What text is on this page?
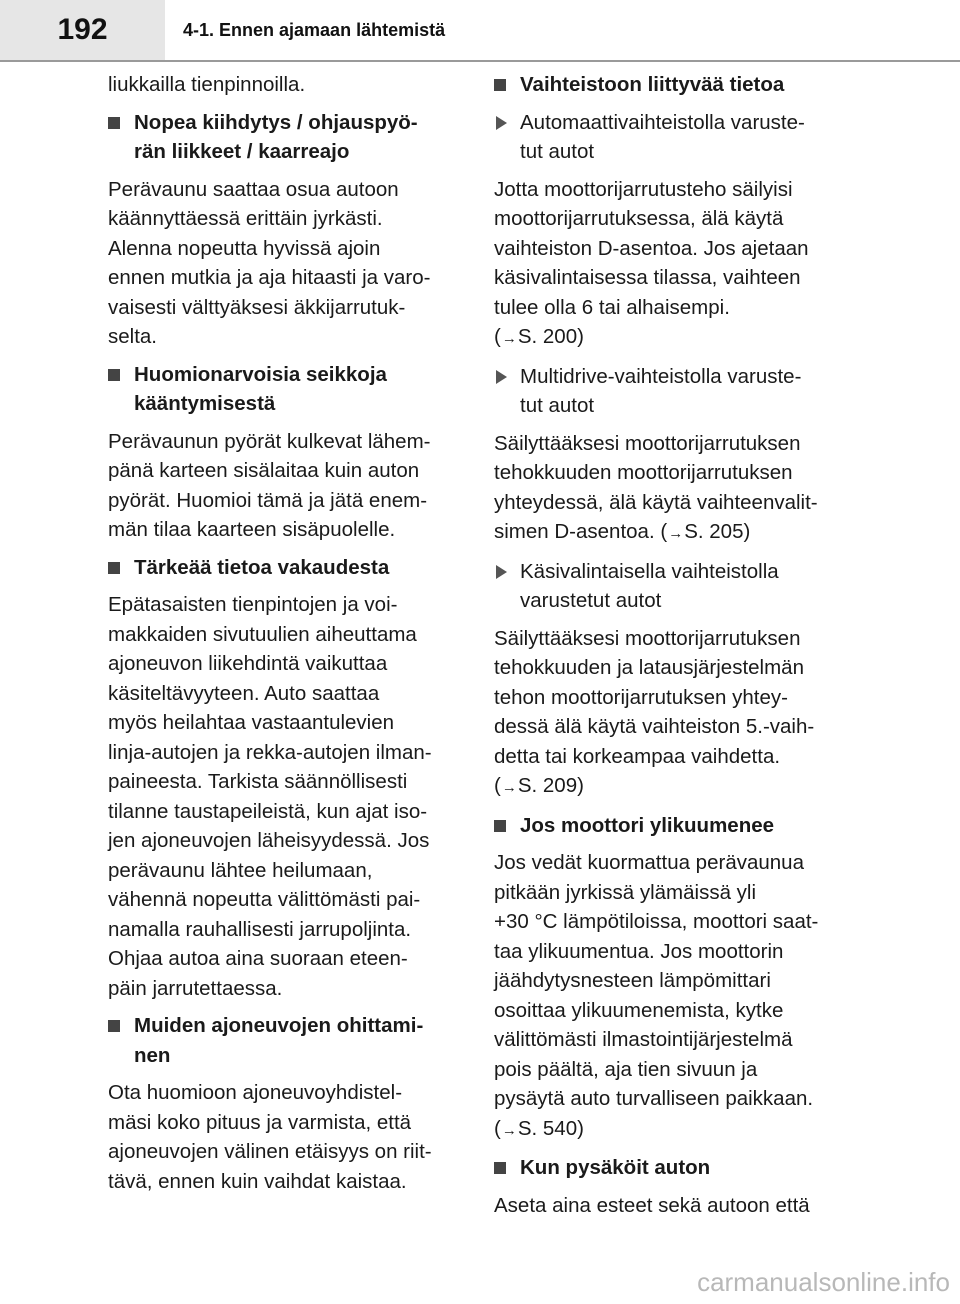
192	4-1. Ennen ajamaan lähtemistä
liukkailla tienpinnoilla.
Nopea kiihdytys / ohjauspyö-
rän liikkeet / kaarreajo
Perävaunu saattaa osua autoon
käännyttäessä erittäin jyrkästi.
Alenna nopeutta hyvissä ajoin
ennen mutkia ja aja hitaasti ja varo-
vaisesti välttyäksesi äkkijarrutuk-
selta.
Huomionarvoisia seikkoja
kääntymisestä
Perävaunun pyörät kulkevat lähem-
pänä karteen sisälaitaa kuin auton
pyörät. Huomioi tämä ja jätä enem-
män tilaa kaarteen sisäpuolelle.
Tärkeää tietoa vakaudesta
Epätasaisten tienpintojen ja voi-
makkaiden sivutuulien aiheuttama
ajoneuvon liikehdintä vaikuttaa
käsiteltävyyteen. Auto saattaa
myös heilahtaa vastaantulevien
linja-autojen ja rekka-autojen ilman-
paineesta. Tarkista säännöllisesti
tilanne taustapeileistä, kun ajat iso-
jen ajoneuvojen läheisyydessä. Jos
perävaunu lähtee heilumaan,
vähennä nopeutta välittömästi pai-
namalla rauhallisesti jarrupoljinta.
Ohjaa autoa aina suoraan eteen-
päin jarrutettaessa.
Muiden ajoneuvojen ohittami-
nen
Ota huomioon ajoneuvoyhdistel-
mäsi koko pituus ja varmista, että
ajoneuvojen välinen etäisyys on riit-
tävä, ennen kuin vaihdat kaistaa.
Vaihteistoon liittyvää tietoa
Automaattivaihteistolla varuste-
tut autot
Jotta moottorijarrutusteho säilyisi
moottorijarrutuksessa, älä käytä
vaihteiston D-asentoa. Jos ajetaan
käsivalintaisessa tilassa, vaihteen
tulee olla 6 tai alhaisempi.
(→S. 200)
Multidrive-vaihteistolla varuste-
tut autot
Säilyttääksesi moottorijarrutuksen
tehokkuuden moottorijarrutuksen
yhteydessä, älä käytä vaihteenvalit-
simen D-asentoa. (→S. 205)
Käsivalintaisella vaihteistolla
varustetut autot
Säilyttääksesi moottorijarrutuksen
tehokkuuden ja latausjärjestelmän
tehon moottorijarrutuksen yhtey-
dessä älä käytä vaihteiston 5.-vaih-
detta tai korkeampaa vaihdetta.
(→S. 209)
Jos moottori ylikuumenee
Jos vedät kuormattua perävaunua
pitkään jyrkissä ylämäissä yli
+30 °C lämpötiloissa, moottori saat-
taa ylikuumentua. Jos moottorin
jäähdytysnesteen lämpömittari
osoittaa ylikuumenemista, kytke
välittömästi ilmastointijärjestelmä
pois päältä, aja tien sivuun ja
pysäytä auto turvalliseen paikkaan.
(→S. 540)
Kun pysäköit auton
Aseta aina esteet sekä autoon että
carmanualsonline.info
